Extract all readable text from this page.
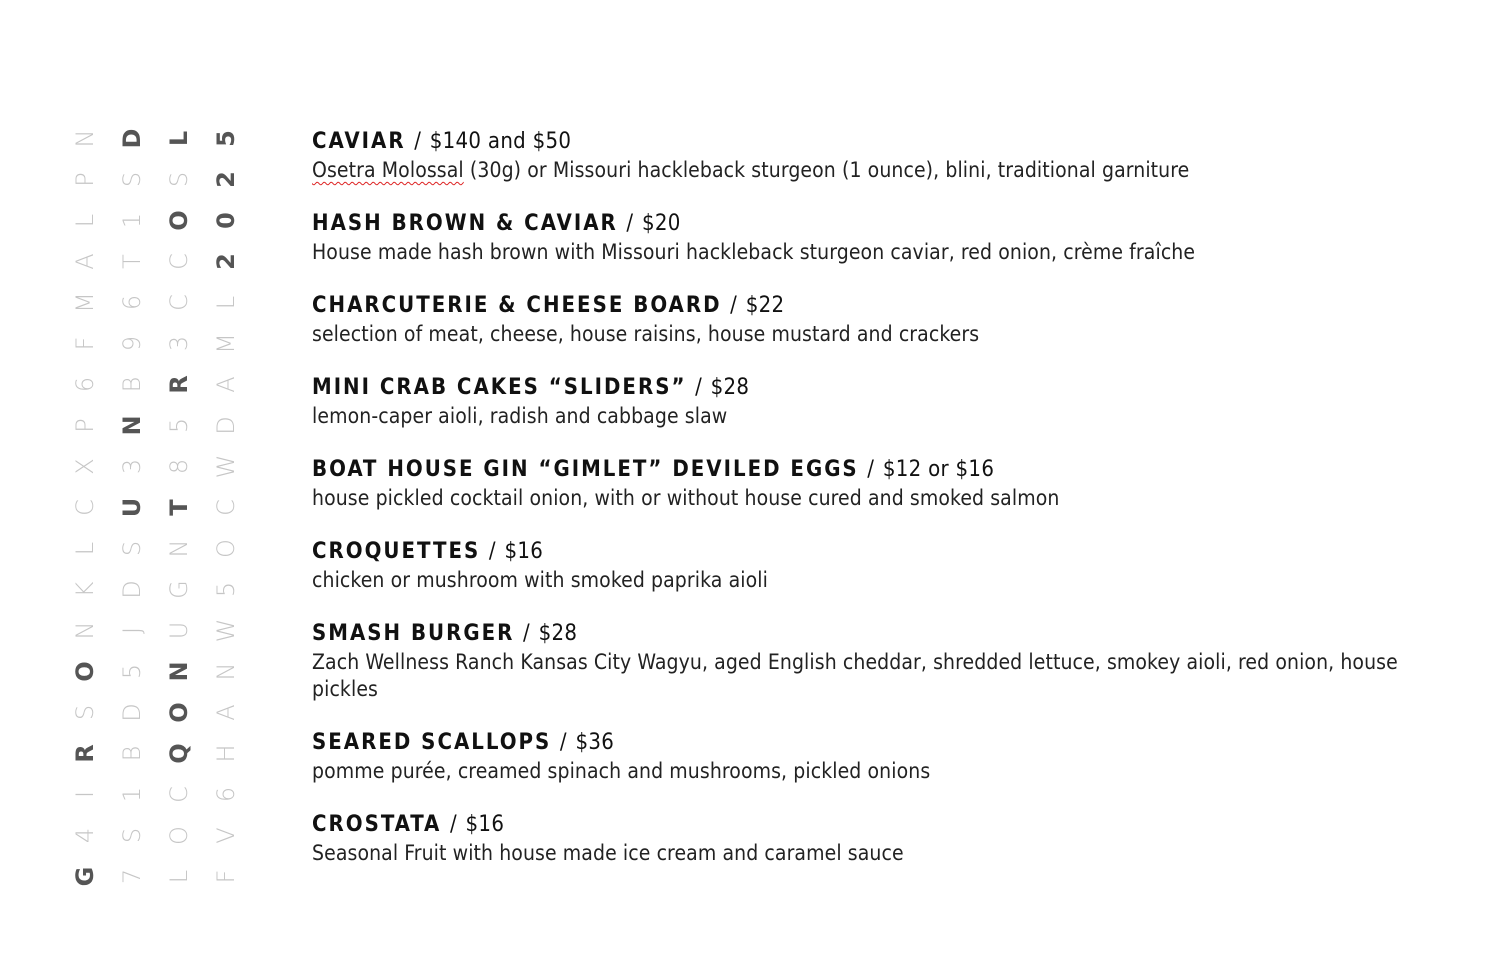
N
P
L
A
M
F
6
P
X
C
L
K
N
O
S
R
I
4
G
D
S
1
T
6
9
B
N
3
U
S
D
J
5
D
B
1
S
7
L
S
O
C
C
3
R
5
8
T
N
G
U
N
O
Q
C
O
L
5
2
0
2
L
M
A
D
W
C
O
5
W
N
A
H
6
V
F
CAVIAR / $140 and $50
Osetra Molossal (30g) or Missouri hackleback sturgeon (1 ounce), blini, traditional garniture
HASH BROWN & CAVIAR / $20
House made hash brown with Missouri hackleback sturgeon caviar, red onion, crème fraîche
CHARCUTERIE & CHEESE BOARD / $22
selection of meat, cheese, house raisins, house mustard and crackers
MINI CRAB CAKES “SLIDERS” / $28
lemon-caper aioli, radish and cabbage slaw
BOAT HOUSE GIN “GIMLET” DEVILED EGGS / $12 or $16
house pickled cocktail onion, with or without house cured and smoked salmon
CROQUETTES / $16
chicken or mushroom with smoked paprika aioli
SMASH BURGER / $28
Zach Wellness Ranch Kansas City Wagyu, aged English cheddar, shredded lettuce, smokey aioli, red onion, house pickles
SEARED SCALLOPS / $36
pomme purée, creamed spinach and mushrooms, pickled onions
CROSTATA / $16
Seasonal Fruit with house made ice cream and caramel sauce
